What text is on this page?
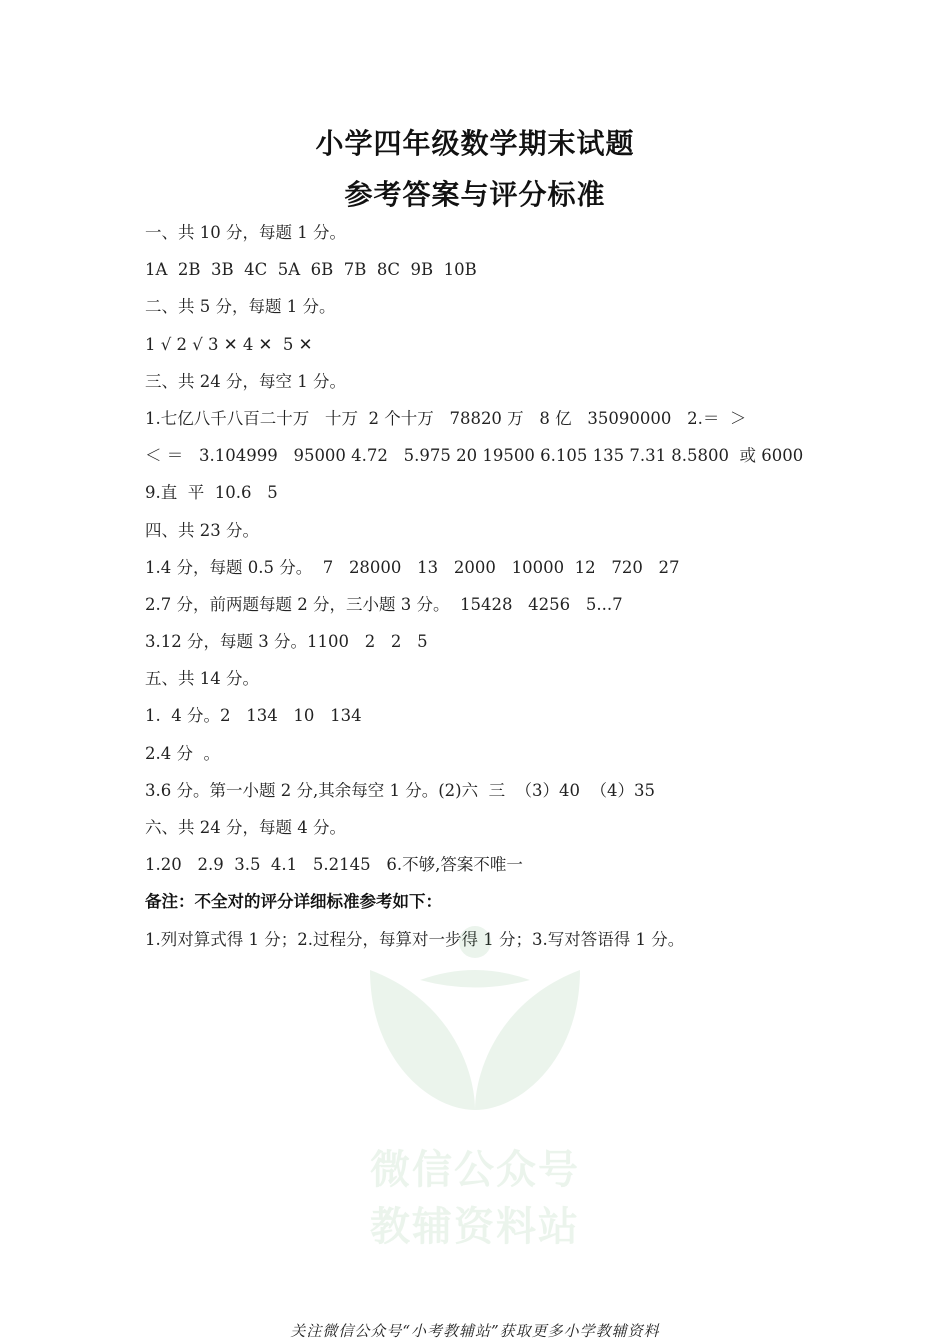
小学四年级数学期末试题
参考答案与评分标准
一、共 10 分，每题 1 分。
1A  2B  3B  4C  5A  6B  7B  8C  9B  10B
二、共 5 分，每题 1 分。
1 √ 2 √ 3 ✕ 4 ✕  5 ✕
三、共 24 分，每空 1 分。
1.七亿八千八百二十万   十万  2 个十万   78820 万   8 亿   35090000   2.＝  ＞
＜ ＝   3.104999   95000 4.72   5.975 20 19500 6.105 135 7.31 8.5800  或 6000
9.直  平  10.6   5
四、共 23 分。
1.4 分，每题 0.5 分。  7   28000   13   2000   10000  12   720   27
2.7 分，前两题每题 2 分，三小题 3 分。  15428   4256   5...7
3.12 分，每题 3 分。1100   2   2   5
五、共 14 分。
1.  4 分。2   134   10   134
2.4 分  。
3.6 分。第一小题 2 分,其余每空 1 分。(2)六  三  （3）40  （4）35
六、共 24 分，每题 4 分。
1.20   2.9  3.5  4.1   5.2145   6.不够,答案不唯一
备注：不全对的评分详细标准参考如下：
1.列对算式得 1 分；2.过程分，每算对一步得 1 分；3.写对答语得 1 分。
微信公众号
教辅资料站
关注微信公众号“小考教辅站”获取更多小学教辅资料
